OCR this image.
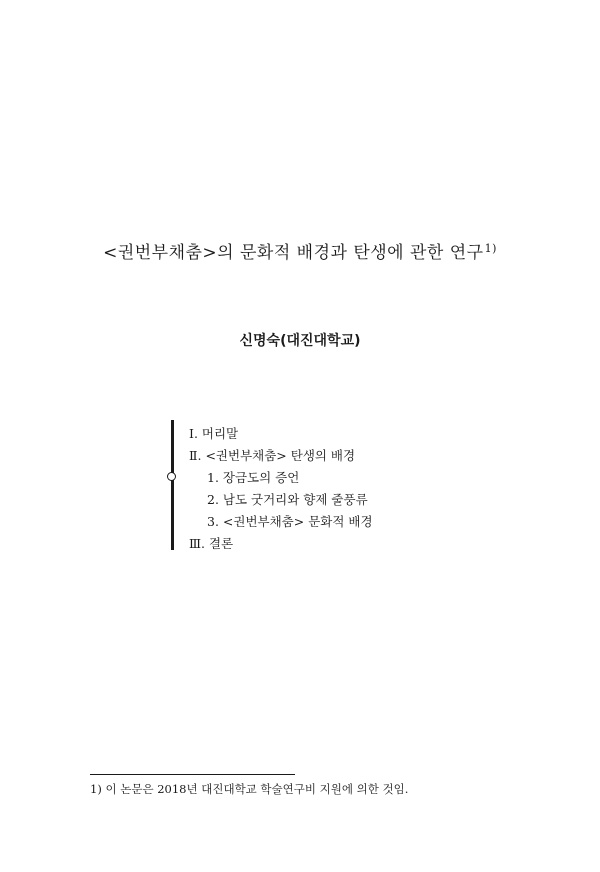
<권번부채춤>의 문화적 배경과 탄생에 관한 연구$^{1)}$
신명숙(대진대학교)
Ⅰ. 머리말
Ⅱ. <권번부채춤> 탄생의 배경
1. 장금도의 증언
2. 남도 굿거리와 향제 줄풍류
3. <권번부채춤> 문화적 배경
Ⅲ. 결론
1) 이 논문은 2018년 대진대학교 학술연구비 지원에 의한 것임.
